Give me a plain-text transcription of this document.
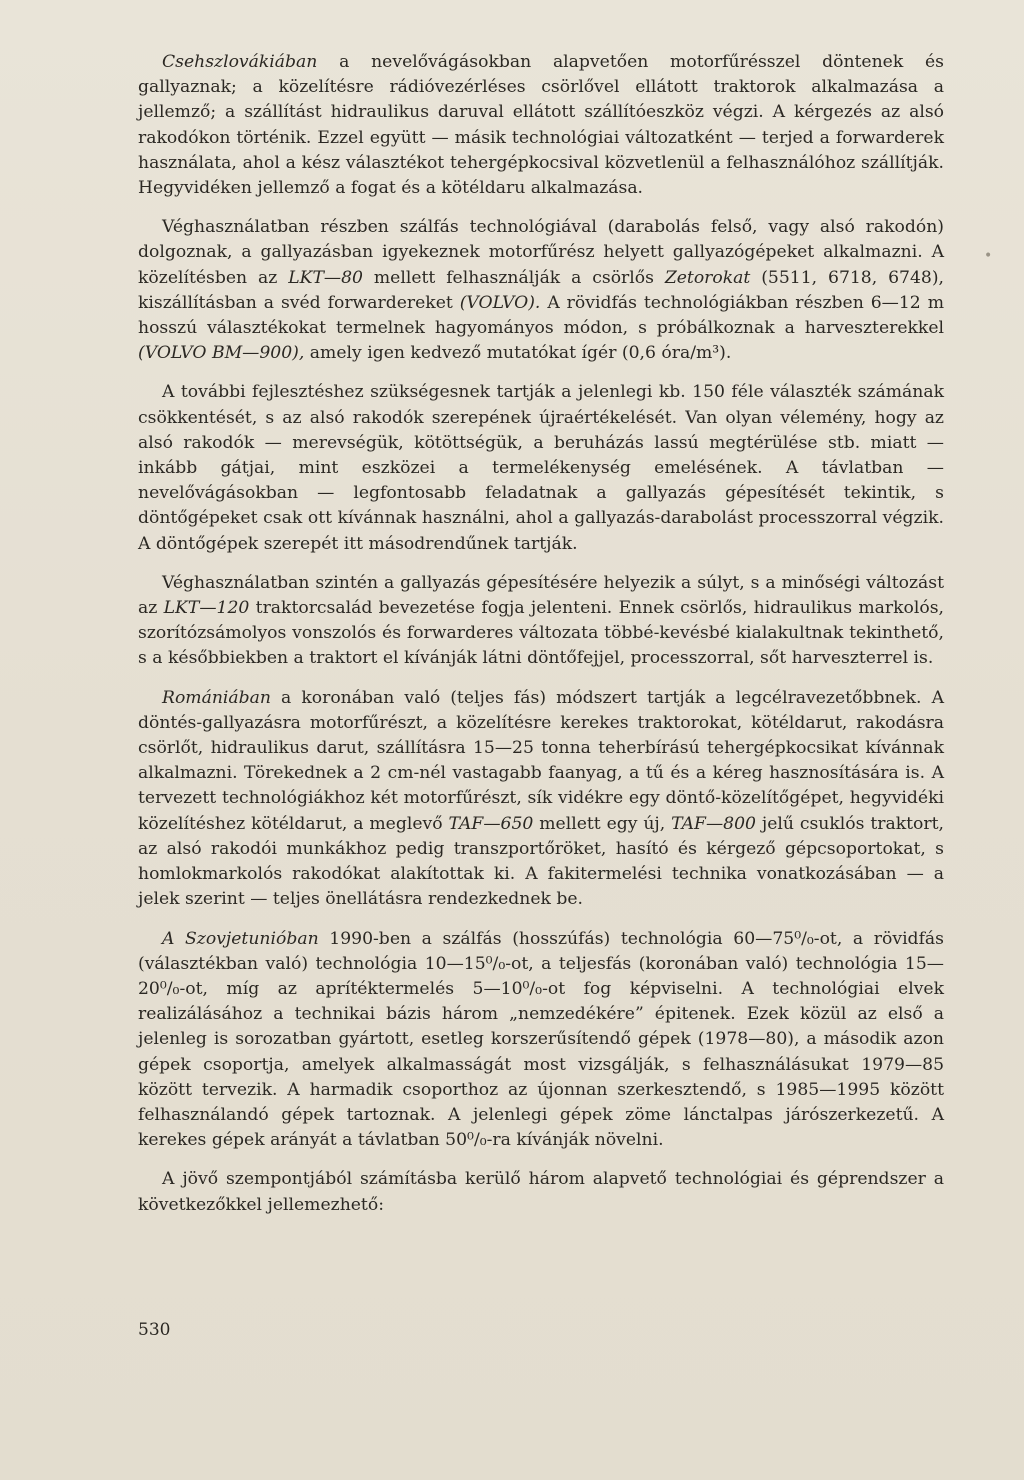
•

Csehszlovákiában a nevelővágásokban alapvetően motorfűrésszel döntenek és gallyaznak; a közelítésre rádióvezérléses csörlővel ellátott traktorok alkalmazása a jellemző; a szállítást hidraulikus daruval ellátott szállítóeszköz végzi. A kérgezés az alsó rakodókon történik. Ezzel együtt — másik technológiai változatként — terjed a forwarderek használata, ahol a kész választékot tehergépkocsival közvetlenül a felhasználóhoz szállítják. Hegyvidéken jellemző a fogat és a kötéldaru alkalmazása.

Véghasználatban részben szálfás technológiával (darabolás felső, vagy alsó rakodón) dolgoznak, a gallyazásban igyekeznek motorfűrész helyett gallyazógépeket alkalmazni. A közelítésben az LKT—80 mellett felhasználják a csörlős Zetorokat (5511, 6718, 6748), kiszállításban a svéd forwardereket (VOLVO). A rövidfás technológiákban részben 6—12 m hosszú választékokat termelnek hagyományos módon, s próbálkoznak a harveszterekkel (VOLVO BM—900), amely igen kedvező mutatókat ígér (0,6 óra/m³).

A további fejlesztéshez szükségesnek tartják a jelenlegi kb. 150 féle választék számának csökkentését, s az alsó rakodók szerepének újraértékelését. Van olyan vélemény, hogy az alsó rakodók — merevségük, kötöttségük, a beruházás lassú megtérülése stb. miatt — inkább gátjai, mint eszközei a termelékenység emelésének. A távlatban — nevelővágásokban — legfontosabb feladatnak a gallyazás gépesítését tekintik, s döntőgépeket csak ott kívánnak használni, ahol a gallyazás-darabolást processzorral végzik. A döntőgépek szerepét itt másodrendűnek tartják.

Véghasználatban szintén a gallyazás gépesítésére helyezik a súlyt, s a minőségi változást az LKT—120 traktorcsalád bevezetése fogja jelenteni. Ennek csörlős, hidraulikus markolós, szorítózsámolyos vonszolós és forwarderes változata többé-kevésbé kialakultnak tekinthető, s a későbbiekben a traktort el kívánják látni döntőfejjel, processzorral, sőt harveszterrel is.

Romániában a koronában való (teljes fás) módszert tartják a legcélravezetőbbnek. A döntés-gallyazásra motorfűrészt, a közelítésre kerekes traktorokat, kötéldarut, rakodásra csörlőt, hidraulikus darut, szállításra 15—25 tonna teherbírású tehergépkocsikat kívánnak alkalmazni. Törekednek a 2 cm-nél vastagabb faanyag, a tű és a kéreg hasznosítására is. A tervezett technológiákhoz két motorfűrészt, sík vidékre egy döntő-közelítőgépet, hegyvidéki közelítéshez kötéldarut, a meglevő TAF—650 mellett egy új, TAF—800 jelű csuklós traktort, az alsó rakodói munkákhoz pedig transzportőröket, hasító és kérgező gépcsoportokat, s homlokmarkolós rakodókat alakítottak ki. A fakitermelési technika vonatkozásában — a jelek szerint — teljes önellátásra rendezkednek be.

A Szovjetunióban 1990-ben a szálfás (hosszúfás) technológia 60—75⁰/₀-ot, a rövidfás (választékban való) technológia 10—15⁰/₀-ot, a teljesfás (koronában való) technológia 15—20⁰/₀-ot, míg az aprítéktermelés 5—10⁰/₀-ot fog képviselni. A technológiai elvek realizálásához a technikai bázis három „nemzedékére” épitenek. Ezek közül az első a jelenleg is sorozatban gyártott, esetleg korszerűsítendő gépek (1978—80), a második azon gépek csoportja, amelyek alkalmasságát most vizsgálják, s felhasználásukat 1979—85 között tervezik. A harmadik csoporthoz az újonnan szerkesztendő, s 1985—1995 között felhasználandó gépek tartoznak. A jelenlegi gépek zöme lánctalpas járószerkezetű. A kerekes gépek arányát a távlatban 50⁰/₀-ra kívánják növelni.

A jövő szempontjából számításba kerülő három alapvető technológiai és géprendszer a következőkkel jellemezhető:

530
